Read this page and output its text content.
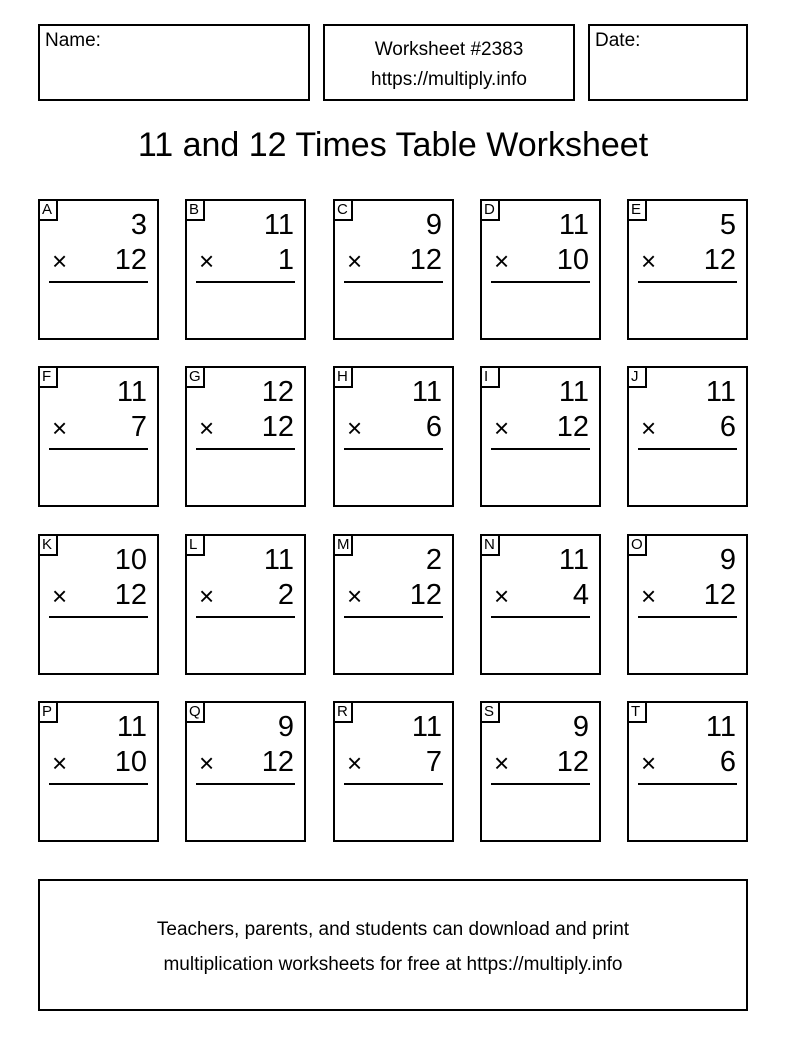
Name:	Worksheet #2383
https://multiply.info
Date:
11 and 12 Times Table Worksheet
A	3
× 12
B 11
× 1
C	9
× 12
D 11
× 10
E	5
× 12
F 11
× 7
G 12
× 12
H 11
× 6
I	11
× 12
J 11
× 6
K 10
× 12
L 11
× 2
M	2
× 12
N 11
× 4
O	9
× 12
P 11
× 10
Q	9
× 12
R 11
× 7
S	9
× 12
T 11
× 6
Teachers, parents, and students can download and print
multiplication worksheets for free at https://multiply.info
